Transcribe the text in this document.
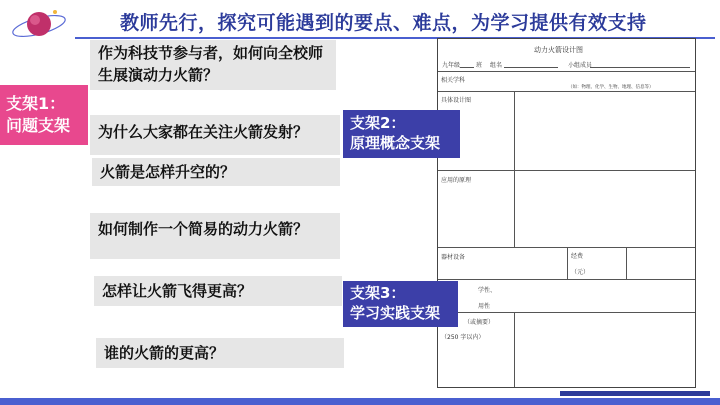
教师先行，探究可能遇到的要点、难点，为学习提供有效支持
作为科技节参与者，如何向全校师生展演动力火箭？
为什么大家都在关注火箭发射？
火箭是怎样升空的？
如何制作一个简易的动力火箭？
怎样让火箭飞得更高？
谁的火箭的更高？
支架1：
问题支架
动力火箭设计图
九年级	班 组名	小组成员
相关学科
（如：物理、化学、生物、地理、信息等）
具体设计图
应用的原理
器材设备	经费
（元）
学性、
用性
（或摘要）
（250 字以内）
支架2：
原理概念支架
支架3：
学习实践支架
